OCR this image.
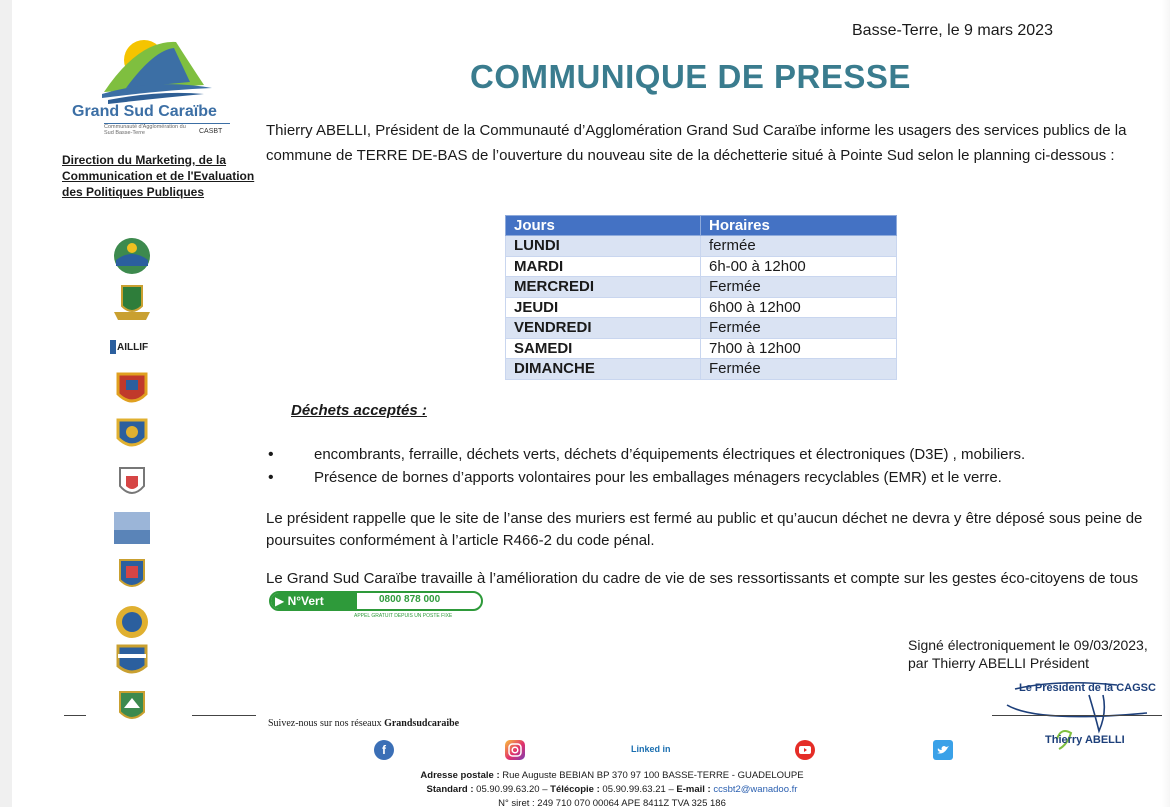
Grand Sud Caraïbe
Communauté d'Agglomération du Sud Basse-Terre	CASBT
Direction du Marketing, de la Communication et de l'Evaluation des Politiques Publiques
AILLIF
Basse-Terre, le 9 mars 2023
COMMUNIQUE DE PRESSE

Thierry ABELLI, Président de la Communauté d’Agglomération Grand Sud Caraïbe informe les usagers des services publics de la commune de TERRE DE-BAS de l’ouverture du nouveau site de la déchetterie situé à Pointe Sud selon le planning ci-dessous :

Jours	Horaires
LUNDI	fermée
MARDI	6h-00 à 12h00
MERCREDI	Fermée
JEUDI	6h00 à 12h00
VENDREDI	Fermée
SAMEDI	7h00 à 12h00
DIMANCHE	Fermée
Déchets acceptés :
• encombrants, ferraille, déchets verts, déchets d’équipements électriques et électroniques (D3E) , mobiliers.
• Présence de bornes d’apports volontaires pour les emballages ménagers recyclables (EMR) et le verre.

Le président rappelle que le site de l’anse des muriers est fermé au public et qu’aucun déchet ne devra y être déposé sous peine de poursuites conformément à l’article R466-2 du code pénal.

Le Grand Sud Caraïbe travaille à l’amélioration du cadre de vie de ses ressortissants et compte sur les gestes éco-citoyens de tous

▶ N°Vert	0800 878 000
APPEL GRATUIT DEPUIS UN POSTE FIXE
Signé électroniquement le 09/03/2023,
par Thierry ABELLI Président
Le Président de la CAGSC
Thierry ABELLI
Suivez-nous sur nos réseaux Grandsudcaraibe
f	Linked in
Adresse postale : Rue Auguste BEBIAN BP 370 97 100 BASSE-TERRE - GUADELOUPE
Standard : 05.90.99.63.20 – Télécopie : 05.90.99.63.21 – E-mail : ccsbt2@wanadoo.fr
N° siret : 249 710 070 00064 APE 8411Z TVA 325 186
